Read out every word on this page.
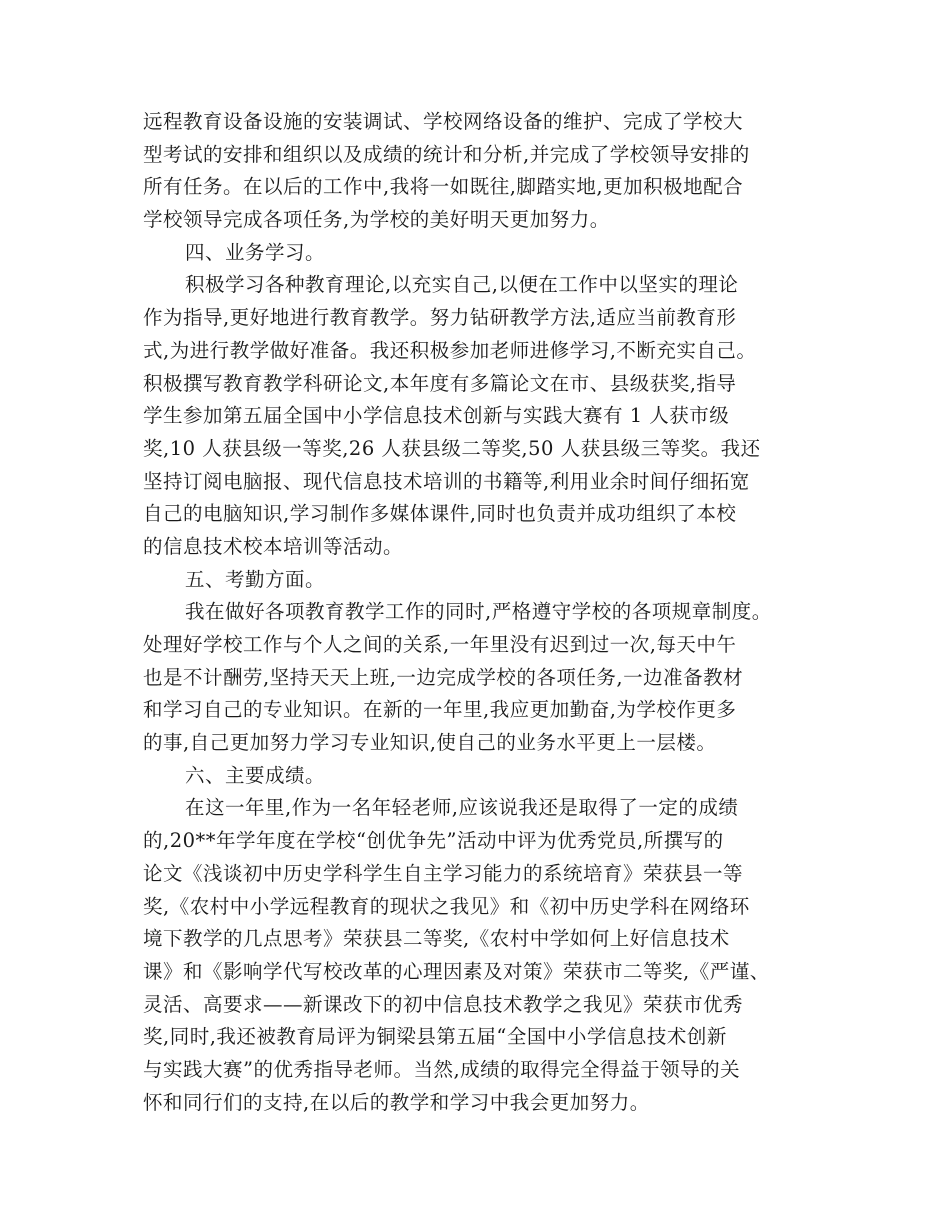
远程教育设备设施的安装调试、学校网络设备的维护、完成了学校大
型考试的安排和组织以及成绩的统计和分析,并完成了学校领导安排的
所有任务。在以后的工作中,我将一如既往,脚踏实地,更加积极地配合
学校领导完成各项任务,为学校的美好明天更加努力。
四、业务学习。
积极学习各种教育理论,以充实自己,以便在工作中以坚实的理论
作为指导,更好地进行教育教学。努力钻研教学方法,适应当前教育形
式,为进行教学做好准备。我还积极参加老师进修学习,不断充实自己。
积极撰写教育教学科研论文,本年度有多篇论文在市、县级获奖,指导
学生参加第五届全国中小学信息技术创新与实践大赛有 1 人获市级
奖,10 人获县级一等奖,26 人获县级二等奖,50 人获县级三等奖。我还
坚持订阅电脑报、现代信息技术培训的书籍等,利用业余时间仔细拓宽
自己的电脑知识,学习制作多媒体课件,同时也负责并成功组织了本校
的信息技术校本培训等活动。
五、考勤方面。
我在做好各项教育教学工作的同时,严格遵守学校的各项规章制度。
处理好学校工作与个人之间的关系,一年里没有迟到过一次,每天中午
也是不计酬劳,坚持天天上班,一边完成学校的各项任务,一边准备教材
和学习自己的专业知识。在新的一年里,我应更加勤奋,为学校作更多
的事,自己更加努力学习专业知识,使自己的业务水平更上一层楼。
六、主要成绩。
在这一年里,作为一名年轻老师,应该说我还是取得了一定的成绩
的,20**年学年度在学校“创优争先”活动中评为优秀党员,所撰写的
论文《浅谈初中历史学科学生自主学习能力的系统培育》荣获县一等
奖,《农村中小学远程教育的现状之我见》和《初中历史学科在网络环
境下教学的几点思考》荣获县二等奖,《农村中学如何上好信息技术
课》和《影响学代写校改革的心理因素及对策》荣获市二等奖,《严谨、
灵活、高要求——新课改下的初中信息技术教学之我见》荣获市优秀
奖,同时,我还被教育局评为铜梁县第五届“全国中小学信息技术创新
与实践大赛”的优秀指导老师。当然,成绩的取得完全得益于领导的关
怀和同行们的支持,在以后的教学和学习中我会更加努力。
